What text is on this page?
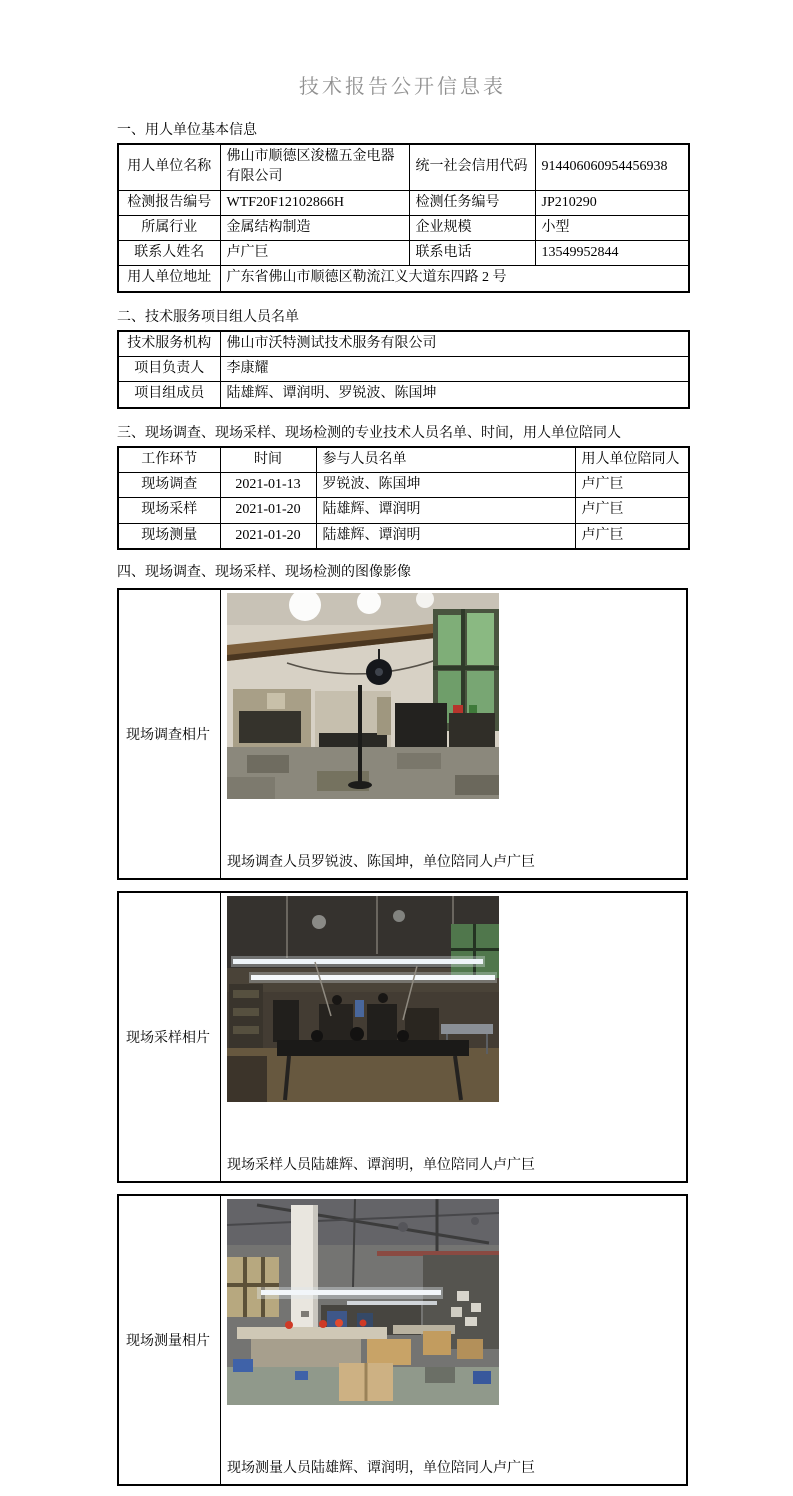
技术报告公开信息表
一、用人单位基本信息
用人单位名称	佛山市顺德区浚楹五金电器有限公司	统一社会信用代码	914406060954456938
检测报告编号	WTF20F12102866H	检测任务编号	JP210290
所属行业	金属结构制造	企业规模	小型
联系人姓名	卢广巨	联系电话	13549952844
用人单位地址	广东省佛山市顺德区勒流江义大道东四路 2 号		
二、技术服务项目组人员名单
技术服务机构	佛山市沃特测试技术服务有限公司
项目负责人	李康耀
项目组成员	陆雄辉、谭润明、罗锐波、陈国坤
三、现场调查、现场采样、现场检测的专业技术人员名单、时间，用人单位陪同人
工作环节	时间	参与人员名单	用人单位陪同人
现场调查	2021-01-13	罗锐波、陈国坤	卢广巨
现场采样	2021-01-20	陆雄辉、谭润明	卢广巨
现场测量	2021-01-20	陆雄辉、谭润明	卢广巨
四、现场调查、现场采样、现场检测的图像影像
现场调查相片
现场调查人员罗锐波、陈国坤，单位陪同人卢广巨
现场采样相片
现场采样人员陆雄辉、谭润明，单位陪同人卢广巨
现场测量相片
现场测量人员陆雄辉、谭润明，单位陪同人卢广巨
